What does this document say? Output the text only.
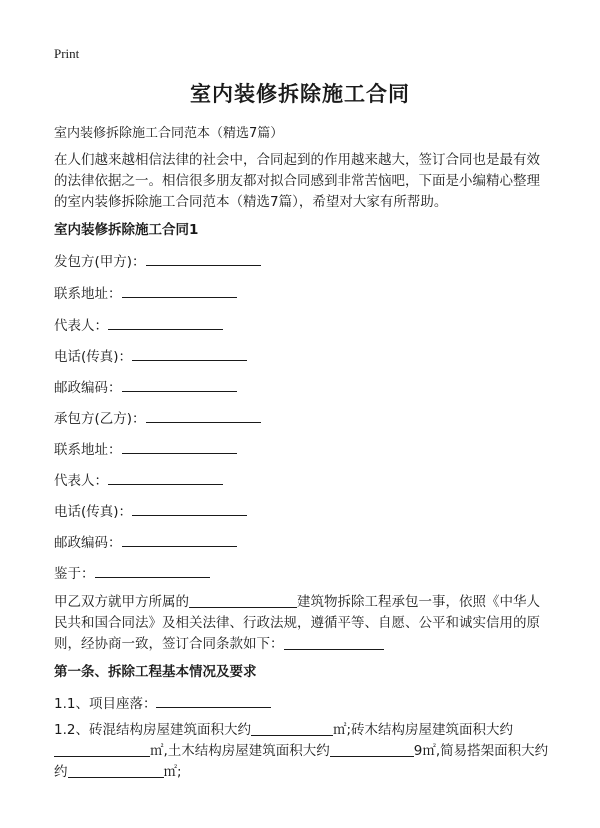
Print
室内装修拆除施工合同
室内装修拆除施工合同范本（精选7篇）

在人们越来越相信法律的社会中，合同起到的作用越来越大，签订合同也是最有效的法律依据之一。相信很多朋友都对拟合同感到非常苦恼吧，下面是小编精心整理的室内装修拆除施工合同范本（精选7篇），希望对大家有所帮助。

室内装修拆除施工合同1
发包方(甲方)：
联系地址：
代表人：
电话(传真)：
邮政编码：
承包方(乙方)：
联系地址：
代表人：
电话(传真)：
邮政编码：
鉴于：

甲乙双方就甲方所属的	建筑物拆除工程承包一事，依照《中华人民共和国合同法》及相关法律、行政法规，遵循平等、自愿、公平和诚实信用的原则，经协商一致，签订合同条款如下：

第一条、拆除工程基本情况及要求
1.1、项目座落：

1.2、砖混结构房屋建筑面积大约	㎡;砖木结构房屋建筑面积大约
㎡,土木结构房屋建筑面积大约	9㎡,简易搭架面积大约
约	㎡;
